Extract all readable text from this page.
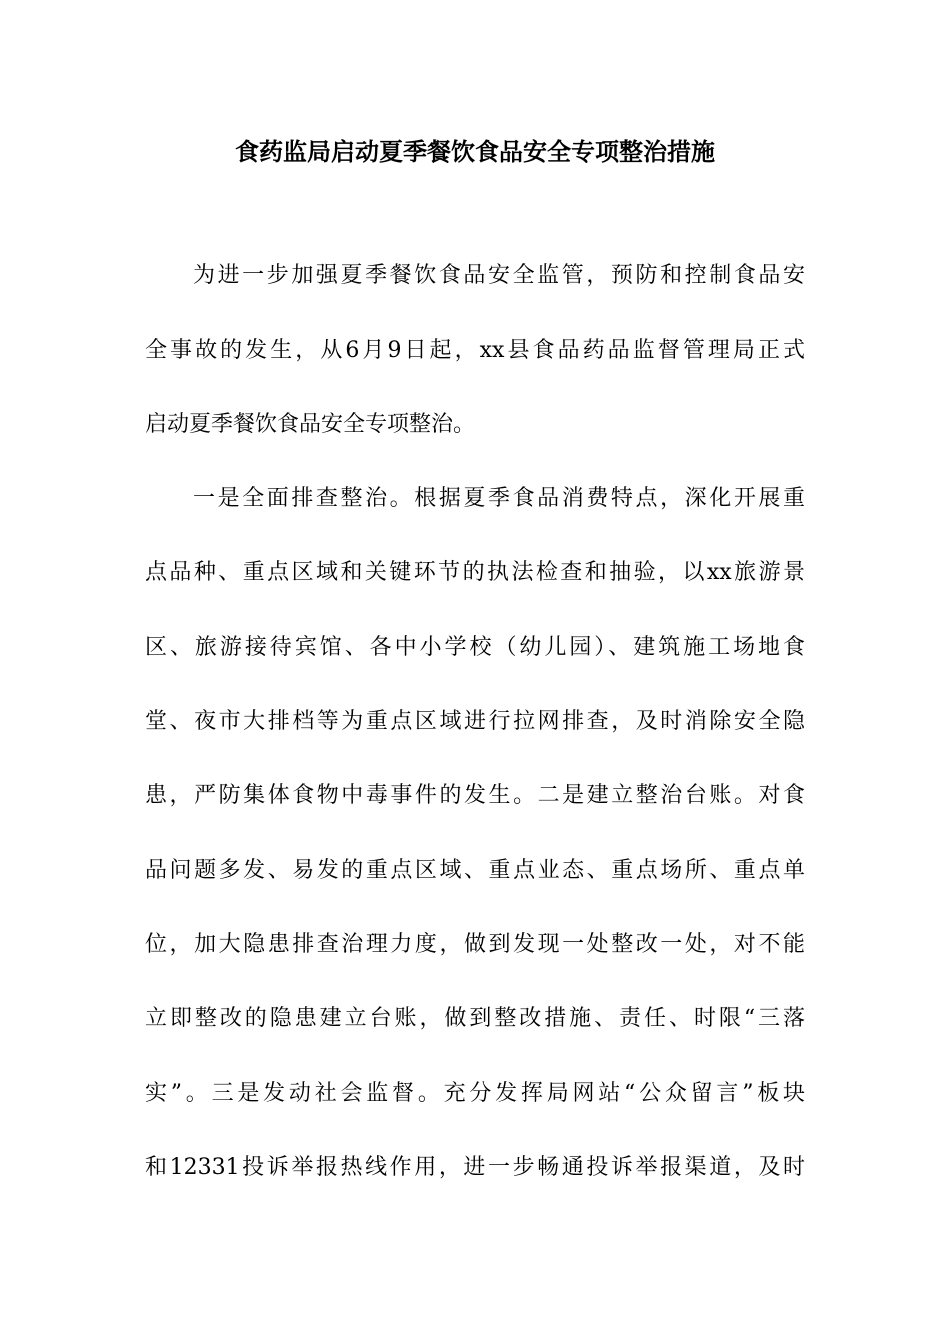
食药监局启动夏季餐饮食品安全专项整治措施
为进一步加强夏季餐饮食品安全监管，预防和控制食品安
全事故的发生，从6月9日起，xx县食品药品监督管理局正式
启动夏季餐饮食品安全专项整治。
一是全面排查整治。根据夏季食品消费特点，深化开展重
点品种、重点区域和关键环节的执法检查和抽验，以xx旅游景
区、旅游接待宾馆、各中小学校（幼儿园）、建筑施工场地食
堂、夜市大排档等为重点区域进行拉网排查，及时消除安全隐
患，严防集体食物中毒事件的发生。二是建立整治台账。对食
品问题多发、易发的重点区域、重点业态、重点场所、重点单
位，加大隐患排查治理力度，做到发现一处整改一处，对不能
立即整改的隐患建立台账，做到整改措施、责任、时限“三落
实”。三是发动社会监督。充分发挥局网站“公众留言”板块
和12331投诉举报热线作用，进一步畅通投诉举报渠道，及时
